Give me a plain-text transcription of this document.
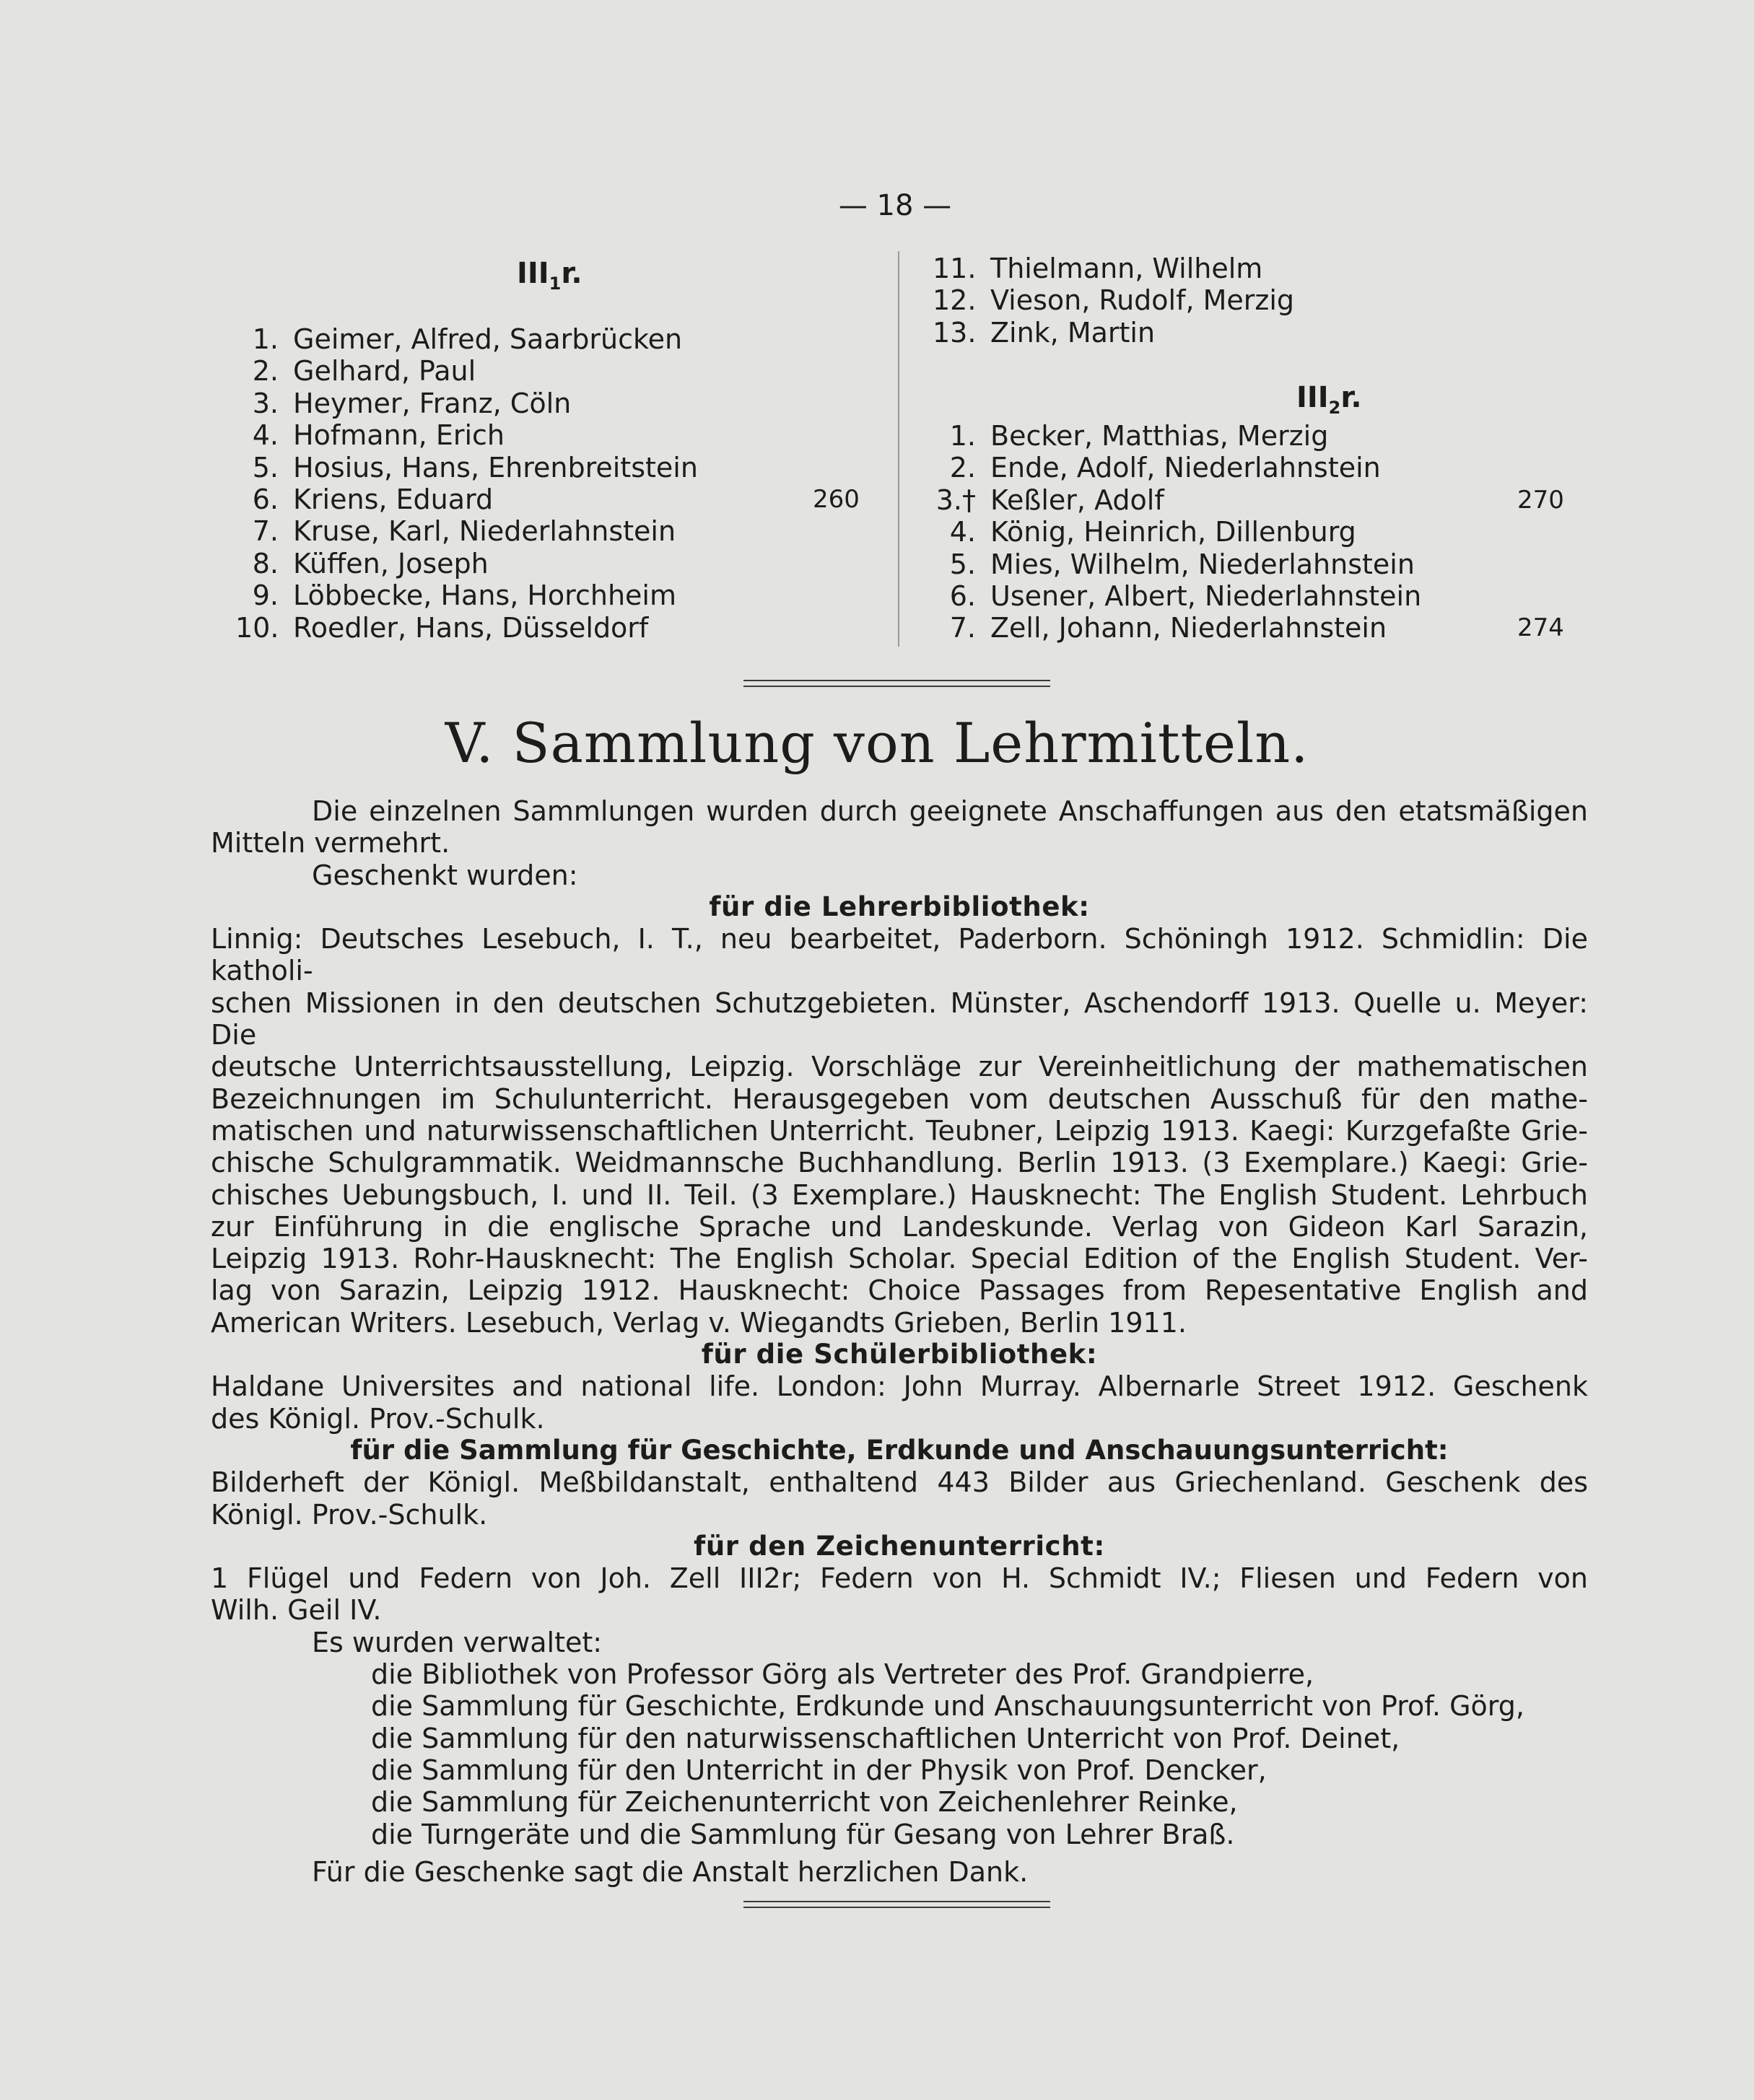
— 18 —
$III_1r$.
1. Geimer, Alfred, Saarbrücken
2. Gelhard, Paul
3. Heymer, Franz, Cöln
4. Hofmann, Erich
5. Hosius, Hans, Ehrenbreitstein
6. Kriens, Eduard	260
7. Kruse, Karl, Niederlahnstein
8. Küffen, Joseph
9. Löbbecke, Hans, Horchheim
10. Roedler, Hans, Düsseldorf
11. Thielmann, Wilhelm
12. Vieson, Rudolf, Merzig
13. Zink, Martin
$III_2r$.
1. Becker, Matthias, Merzig
2. Ende, Adolf, Niederlahnstein
3.† Keßler, Adolf	270
4. König, Heinrich, Dillenburg
5. Mies, Wilhelm, Niederlahnstein
6. Usener, Albert, Niederlahnstein
7. Zell, Johann, Niederlahnstein	274
V. Sammlung von Lehrmitteln.

Die einzelnen Sammlungen wurden durch geeignete Anschaffungen aus den etatsmäßigen

Mitteln vermehrt.

Geschenkt wurden:

für die Lehrerbibliothek:

Linnig: Deutsches Lesebuch, I. T., neu bearbeitet, Paderborn. Schöningh 1912. Schmidlin: Die katholi-

schen Missionen in den deutschen Schutzgebieten. Münster, Aschendorff 1913. Quelle u. Meyer: Die

deutsche Unterrichtsausstellung, Leipzig. Vorschläge zur Vereinheitlichung der mathematischen

Bezeichnungen im Schulunterricht. Herausgegeben vom deutschen Ausschuß für den mathe-

matischen und naturwissenschaftlichen Unterricht. Teubner, Leipzig 1913. Kaegi: Kurzgefaßte Grie-

chische Schulgrammatik. Weidmannsche Buchhandlung. Berlin 1913. (3 Exemplare.) Kaegi: Grie-

chisches Uebungsbuch, I. und II. Teil. (3 Exemplare.) Hausknecht: The English Student. Lehrbuch

zur Einführung in die englische Sprache und Landeskunde. Verlag von Gideon Karl Sarazin,

Leipzig 1913. Rohr-Hausknecht: The English Scholar. Special Edition of the English Student. Ver-

lag von Sarazin, Leipzig 1912. Hausknecht: Choice Passages from Repesentative English and

American Writers. Lesebuch, Verlag v. Wiegandts Grieben, Berlin 1911.

für die Schülerbibliothek:

Haldane Universites and national life. London: John Murray. Albernarle Street 1912. Geschenk

des Königl. Prov.-Schulk.

für die Sammlung für Geschichte, Erdkunde und Anschauungsunterricht:

Bilderheft der Königl. Meßbildanstalt, enthaltend 443 Bilder aus Griechenland. Geschenk des

Königl. Prov.-Schulk.

für den Zeichenunterricht:

1 Flügel und Federn von Joh. Zell III2r; Federn von H. Schmidt IV.; Fliesen und Federn von

Wilh. Geil IV.

Es wurden verwaltet:

die Bibliothek von Professor Görg als Vertreter des Prof. Grandpierre,

die Sammlung für Geschichte, Erdkunde und Anschauungsunterricht von Prof. Görg,

die Sammlung für den naturwissenschaftlichen Unterricht von Prof. Deinet,

die Sammlung für den Unterricht in der Physik von Prof. Dencker,

die Sammlung für Zeichenunterricht von Zeichenlehrer Reinke,

die Turngeräte und die Sammlung für Gesang von Lehrer Braß.

Für die Geschenke sagt die Anstalt herzlichen Dank.
